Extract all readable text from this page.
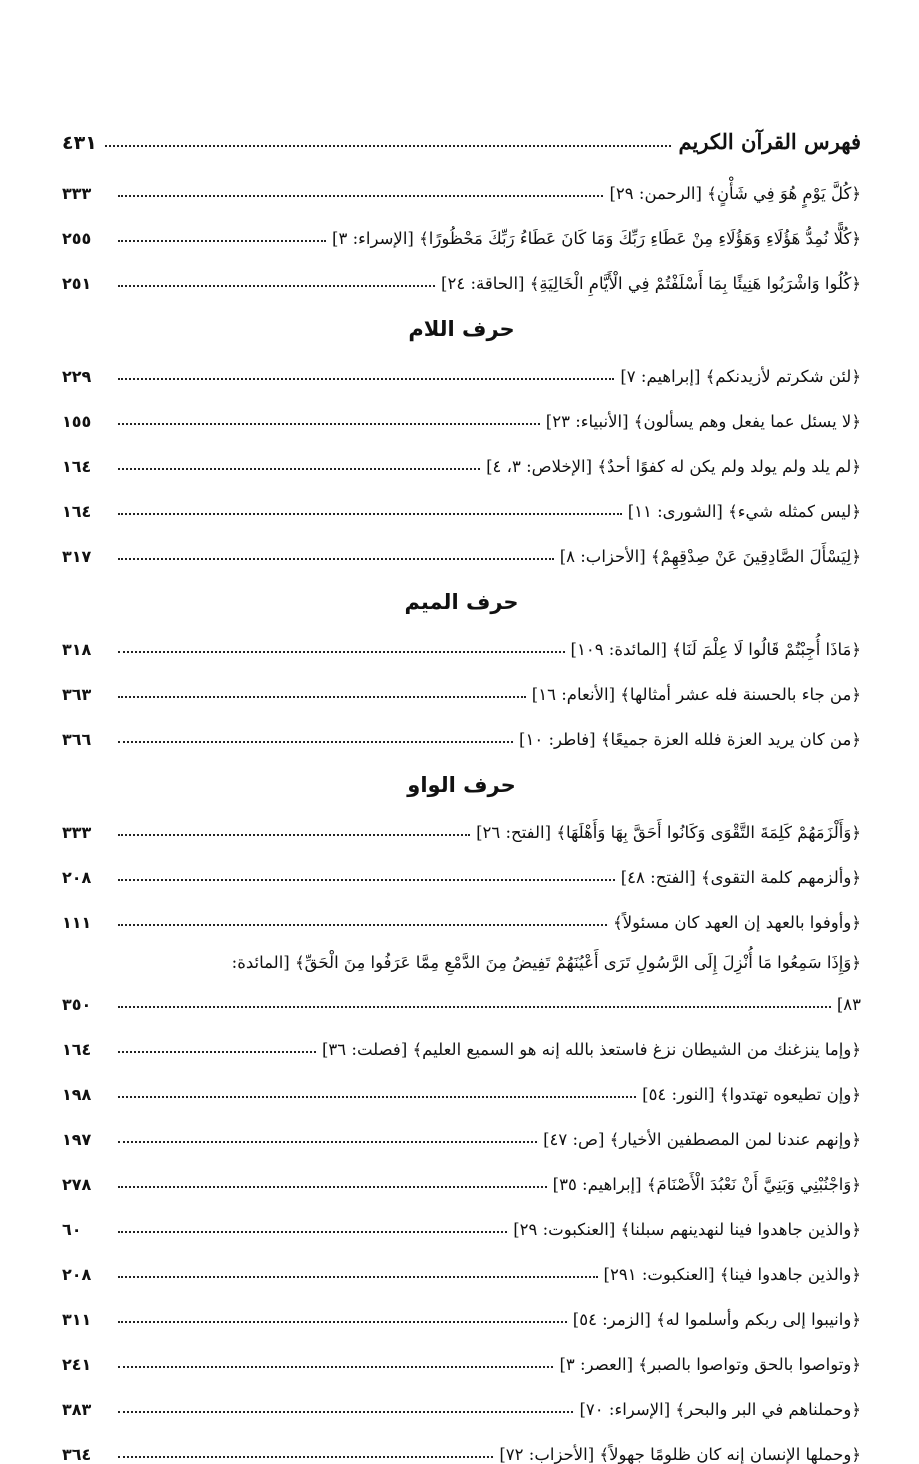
فهرس القرآن الكريم
٤٣١
﴿كُلَّ يَوْمٍ هُوَ فِي شَأْنٍ﴾ [الرحمن: ٢٩]
٣٣٣
﴿كُلًّا نُمِدُّ هَؤُلَاءِ وَهَؤُلَاءِ مِنْ عَطَاءِ رَبِّكَ وَمَا كَانَ عَطَاءُ رَبِّكَ مَحْظُورًا﴾ [الإسراء: ٣]
٢٥٥
﴿كُلُوا وَاشْرَبُوا هَنِيئًا بِمَا أَسْلَفْتُمْ فِي الْأَيَّامِ الْخَالِيَةِ﴾ [الحاقة: ٢٤]
٢٥١
حرف اللام
﴿لئن شكرتم لأزيدنكم﴾ [إبراهيم: ٧]
٢٢٩
﴿لا يسئل عما يفعل وهم يسألون﴾ [الأنبياء: ٢٣]
١٥٥
﴿لم يلد ولم يولد ولم يكن له كفوًا أحدٌ﴾ [الإخلاص: ٣، ٤]
١٦٤
﴿ليس كمثله شيء﴾ [الشورى: ١١]
١٦٤
﴿لِيَسْأَلَ الصَّادِقِينَ عَنْ صِدْقِهِمْ﴾ [الأحزاب: ٨]
٣١٧
حرف الميم
﴿مَاذَا أُجِبْتُمْ قَالُوا لَا عِلْمَ لَنَا﴾ [المائدة: ١٠٩]
٣١٨
﴿من جاء بالحسنة فله عشر أمثالها﴾ [الأنعام: ١٦]
٣٦٣
﴿من كان يريد العزة فلله العزة جميعًا﴾ [فاطر: ١٠]
٣٦٦
حرف الواو
﴿وَأَلْزَمَهُمْ كَلِمَةَ التَّقْوَى وَكَانُوا أَحَقَّ بِهَا وَأَهْلَهَا﴾ [الفتح: ٢٦]
٣٣٣
﴿وألزمهم كلمة التقوى﴾ [الفتح: ٤٨]
٢٠٨
﴿وأوفوا بالعهد إن العهد كان مسئولاً﴾
١١١
﴿وَإِذَا سَمِعُوا مَا أُنْزِلَ إِلَى الرَّسُولِ تَرَى أَعْيُنَهُمْ تَفِيضُ مِنَ الدَّمْعِ مِمَّا عَرَفُوا مِنَ الْحَقِّ﴾ [المائدة:
٨٣]
٣٥٠
﴿وإما ينزغنك من الشيطان نزغ فاستعذ بالله إنه هو السميع العليم﴾ [فصلت: ٣٦]
١٦٤
﴿وإن تطيعوه تهتدوا﴾ [النور: ٥٤]
١٩٨
﴿وإنهم عندنا لمن المصطفين الأخيار﴾ [ص: ٤٧]
١٩٧
﴿وَاجْنُبْنِي وَبَنِيَّ أَنْ نَعْبُدَ الْأَصْنَامَ﴾ [إبراهيم: ٣٥]
٢٧٨
﴿والذين جاهدوا فينا لنهدينهم سبلنا﴾ [العنكبوت: ٢٩]
٦٠
﴿والذين جاهدوا فينا﴾ [العنكبوت: ٢٩١]
٢٠٨
﴿وانيبوا إلى ربكم وأسلموا له﴾ [الزمر: ٥٤]
٣١١
﴿وتواصوا بالحق وتواصوا بالصبر﴾ [العصر: ٣]
٢٤١
﴿وحملناهم في البر والبحر﴾ [الإسراء: ٧٠]
٣٨٣
﴿وحملها الإنسان إنه كان ظلومًا جهولاً﴾ [الأحزاب: ٧٢]
٣٦٤
